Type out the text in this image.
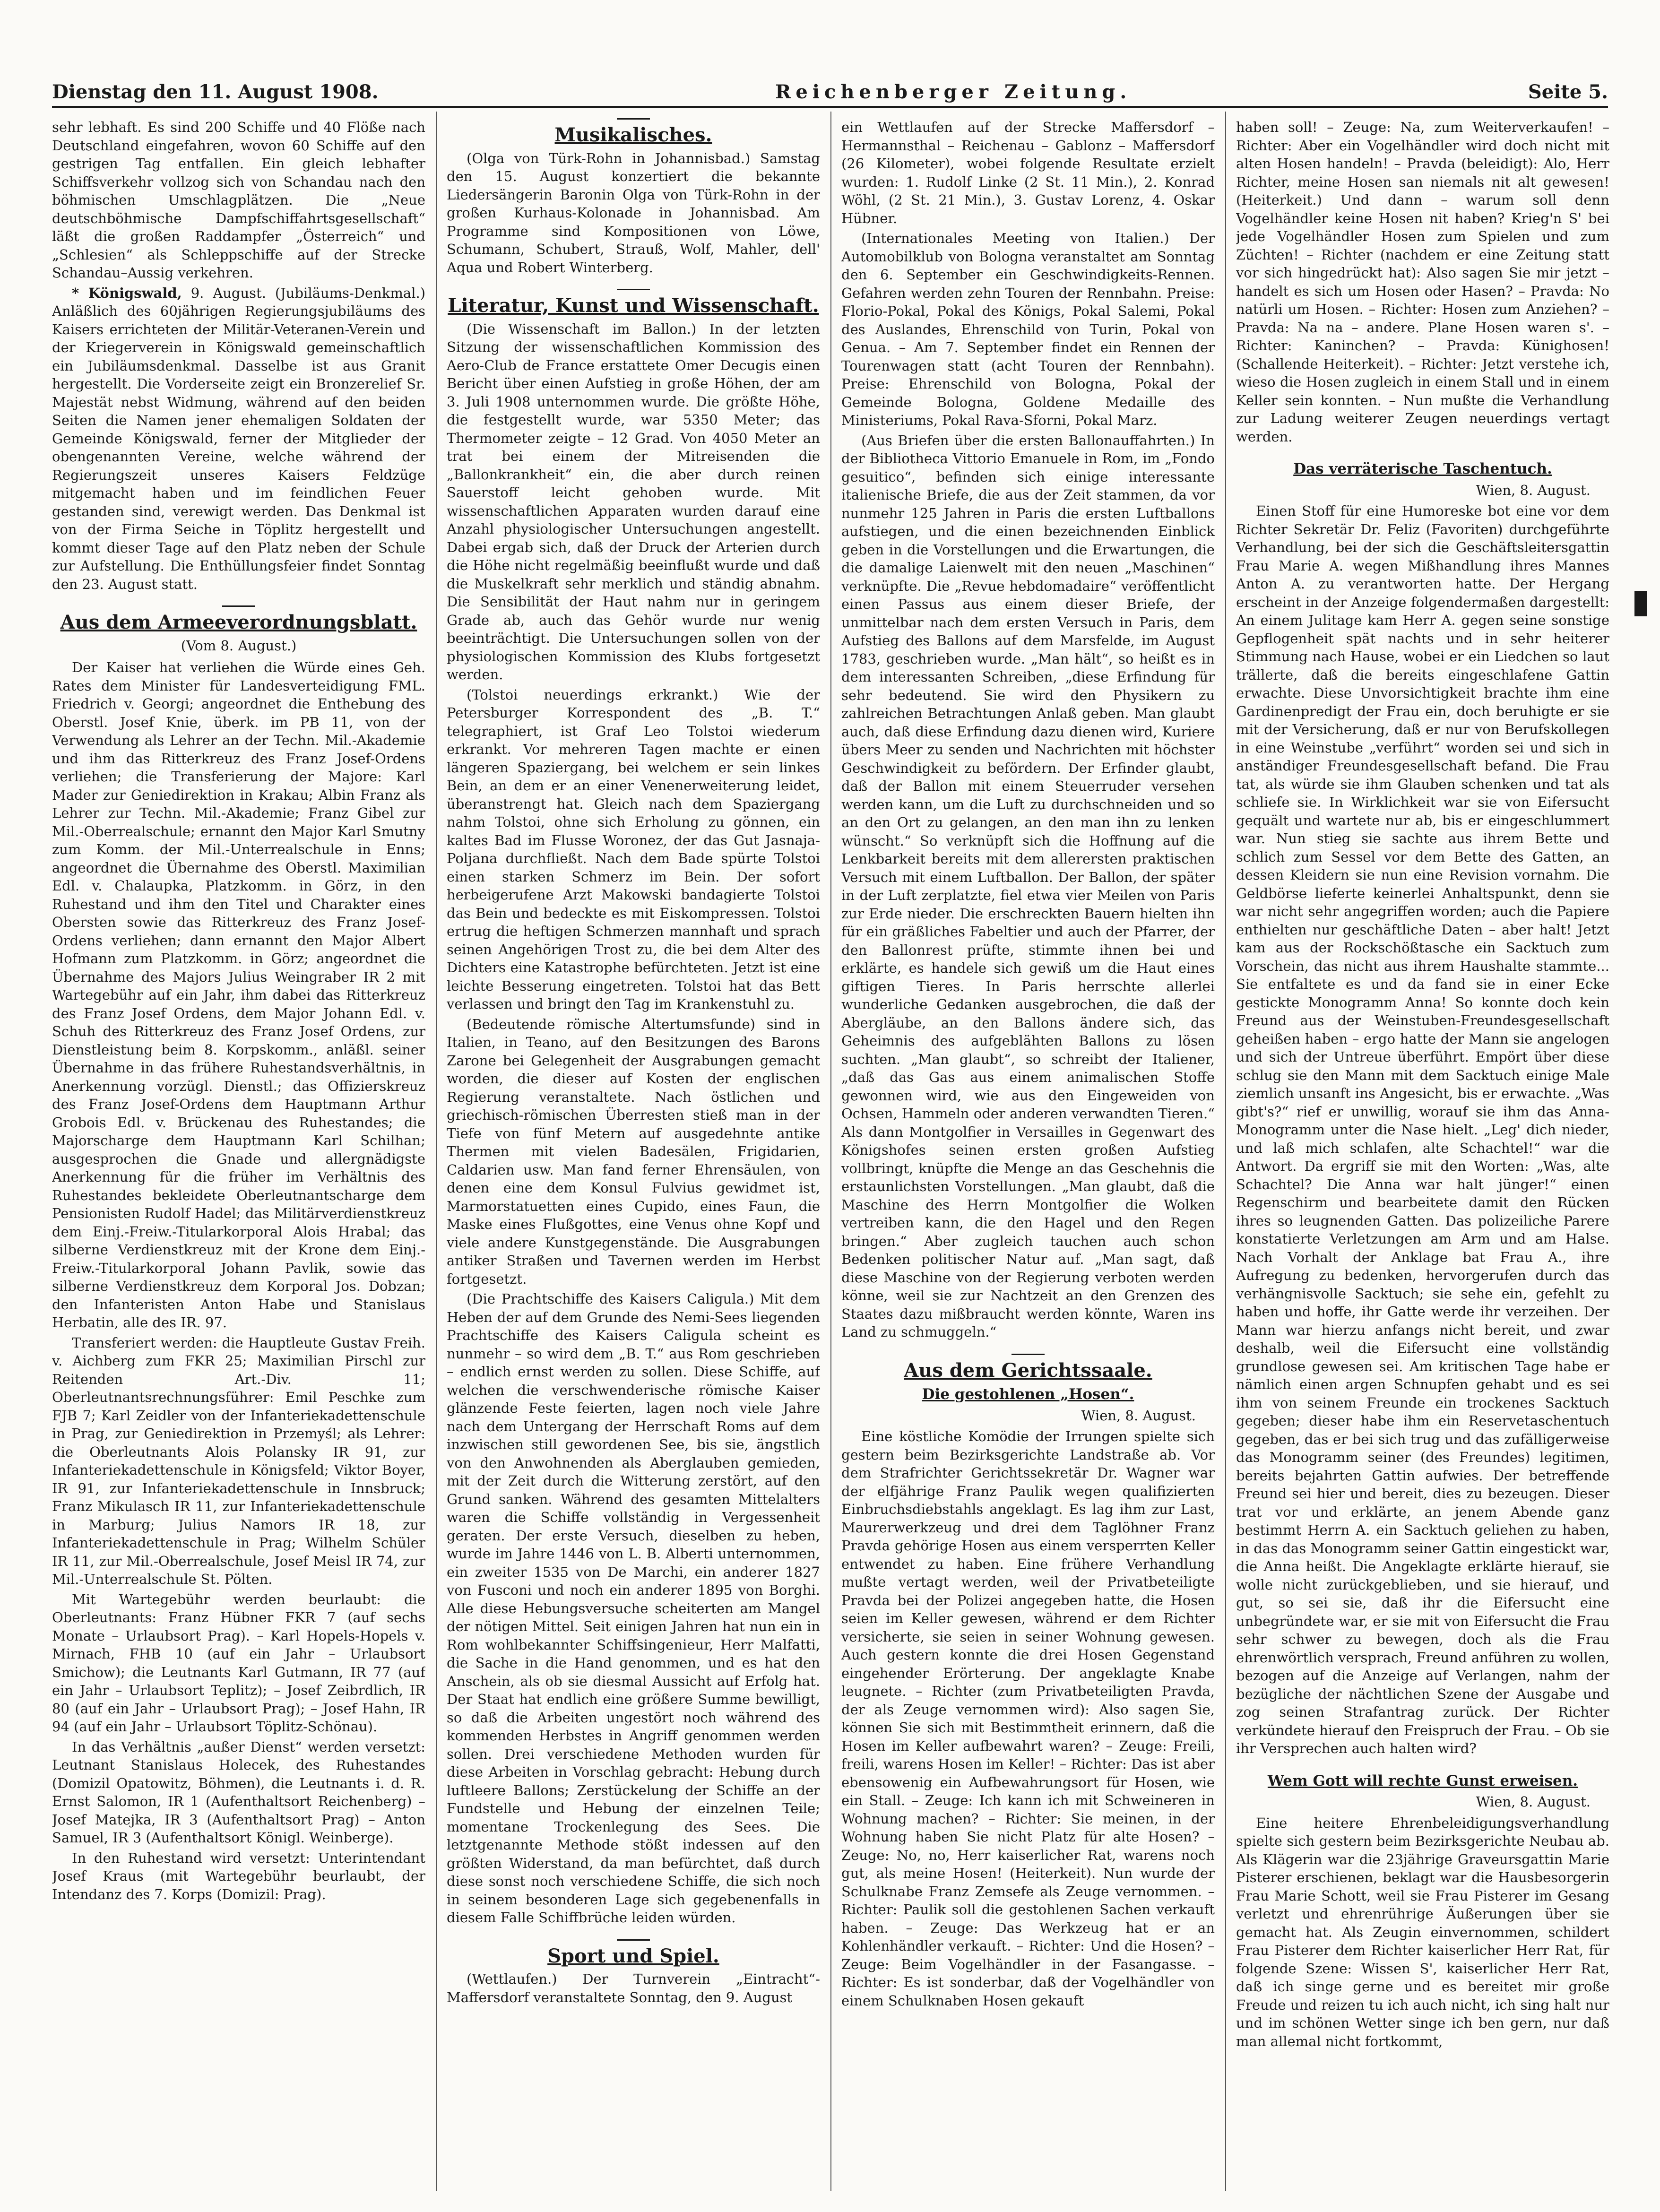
Dienstag den 11. August 1908.	Reichenberger Zeitung.	Seite 5.

sehr lebhaft. Es sind 200 Schiffe und 40 Flöße nach Deutschland eingefahren, wovon 60 Schiffe auf den gestrigen Tag entfallen. Ein gleich lebhafter Schiffsverkehr vollzog sich von Schandau nach den böhmischen Umschlagplätzen. Die „Neue deutschböhmische Dampfschiffahrtsgesellschaft“ läßt die großen Raddampfer „Österreich“ und „Schlesien“ als Schleppschiffe auf der Strecke Schandau–Aussig verkehren.

* Königswald, 9. August. (Jubiläums-Denkmal.) Anläßlich des 60jährigen Regierungsjubiläums des Kaisers errichteten der Militär-Veteranen-Verein und der Kriegerverein in Königswald gemeinschaftlich ein Jubiläumsdenkmal. Dasselbe ist aus Granit hergestellt. Die Vorderseite zeigt ein Bronzerelief Sr. Majestät nebst Widmung, während auf den beiden Seiten die Namen jener ehemaligen Soldaten der Gemeinde Königswald, ferner der Mitglieder der obengenannten Vereine, welche während der Regierungszeit unseres Kaisers Feldzüge mitgemacht haben und im feindlichen Feuer gestanden sind, verewigt werden. Das Denkmal ist von der Firma Seiche in Töplitz hergestellt und kommt dieser Tage auf den Platz neben der Schule zur Aufstellung. Die Enthüllungsfeier findet Sonntag den 23. August statt.

Aus dem Armeeverordnungsblatt.
(Vom 8. August.)

Der Kaiser hat verliehen die Würde eines Geh. Rates dem Minister für Landesverteidigung FML. Friedrich v. Georgi; angeordnet die Enthebung des Oberstl. Josef Knie, überk. im PB 11, von der Verwendung als Lehrer an der Techn. Mil.-Akademie und ihm das Ritterkreuz des Franz Josef-Ordens verliehen; die Transferierung der Majore: Karl Mader zur Geniedirektion in Krakau; Albin Franz als Lehrer zur Techn. Mil.-Akademie; Franz Gibel zur Mil.-Oberrealschule; ernannt den Major Karl Smutny zum Komm. der Mil.-Unterrealschule in Enns; angeordnet die Übernahme des Oberstl. Maximilian Edl. v. Chalaupka, Platzkomm. in Görz, in den Ruhestand und ihm den Titel und Charakter eines Obersten sowie das Ritterkreuz des Franz Josef-Ordens verliehen; dann ernannt den Major Albert Hofmann zum Platzkomm. in Görz; angeordnet die Übernahme des Majors Julius Weingraber IR 2 mit Wartegebühr auf ein Jahr, ihm dabei das Ritterkreuz des Franz Josef Ordens, dem Major Johann Edl. v. Schuh des Ritterkreuz des Franz Josef Ordens, zur Dienstleistung beim 8. Korpskomm., anläßl. seiner Übernahme in das frühere Ruhestandsverhältnis, in Anerkennung vorzügl. Dienstl.; das Offizierskreuz des Franz Josef-Ordens dem Hauptmann Arthur Grobois Edl. v. Brückenau des Ruhestandes; die Majorscharge dem Hauptmann Karl Schilhan; ausgesprochen die Gnade und allergnädigste Anerkennung für die früher im Verhältnis des Ruhestandes bekleidete Oberleutnantscharge dem Pensionisten Rudolf Hadel; das Militärverdienstkreuz dem Einj.-Freiw.-Titularkorporal Alois Hrabal; das silberne Verdienstkreuz mit der Krone dem Einj.-Freiw.-Titularkorporal Johann Pavlik, sowie das silberne Verdienstkreuz dem Korporal Jos. Dobzan; den Infanteristen Anton Habe und Stanislaus Herbatin, alle des IR. 97.

Transferiert werden: die Hauptleute Gustav Freih. v. Aichberg zum FKR 25; Maximilian Pirschl zur Reitenden Art.-Div. 11; Oberleutnantsrechnungsführer: Emil Peschke zum FJB 7; Karl Zeidler von der Infanteriekadettenschule in Prag, zur Geniedirektion in Przemyśl; als Lehrer: die Oberleutnants Alois Polansky IR 91, zur Infanteriekadettenschule in Königsfeld; Viktor Boyer, IR 91, zur Infanteriekadettenschule in Innsbruck; Franz Mikulasch IR 11, zur Infanteriekadettenschule in Marburg; Julius Namors IR 18, zur Infanteriekadettenschule in Prag; Wilhelm Schüler IR 11, zur Mil.-Oberrealschule, Josef Meisl IR 74, zur Mil.-Unterrealschule St. Pölten.

Mit Wartegebühr werden beurlaubt: die Oberleutnants: Franz Hübner FKR 7 (auf sechs Monate – Urlaubsort Prag). – Karl Hopels-Hopels v. Mirnach, FHB 10 (auf ein Jahr – Urlaubsort Smichow); die Leutnants Karl Gutmann, IR 77 (auf ein Jahr – Urlaubsort Teplitz); – Josef Zeibrdlich, IR 80 (auf ein Jahr – Urlaubsort Prag); – Josef Hahn, IR 94 (auf ein Jahr – Urlaubsort Töplitz-Schönau).

In das Verhältnis „außer Dienst“ werden versetzt: Leutnant Stanislaus Holecek, des Ruhestandes (Domizil Opatowitz, Böhmen), die Leutnants i. d. R. Ernst Salomon, IR 1 (Aufenthaltsort Reichenberg) – Josef Matejka, IR 3 (Aufenthaltsort Prag) – Anton Samuel, IR 3 (Aufenthaltsort Königl. Weinberge).

In den Ruhestand wird versetzt: Unterintendant Josef Kraus (mit Wartegebühr beurlaubt, der Intendanz des 7. Korps (Domizil: Prag).

Musikalisches.

(Olga von Türk-Rohn in Johannisbad.) Samstag den 15. August konzertiert die bekannte Liedersängerin Baronin Olga von Türk-Rohn in der großen Kurhaus-Kolonade in Johannisbad. Am Programme sind Kompositionen von Löwe, Schumann, Schubert, Strauß, Wolf, Mahler, dell' Aqua und Robert Winterberg.

Literatur, Kunst und Wissenschaft.

(Die Wissenschaft im Ballon.) In der letzten Sitzung der wissenschaftlichen Kommission des Aero-Club de France erstattete Omer Decugis einen Bericht über einen Aufstieg in große Höhen, der am 3. Juli 1908 unternommen wurde. Die größte Höhe, die festgestellt wurde, war 5350 Meter; das Thermometer zeigte – 12 Grad. Von 4050 Meter an trat bei einem der Mitreisenden die „Ballonkrankheit“ ein, die aber durch reinen Sauerstoff leicht gehoben wurde. Mit wissenschaftlichen Apparaten wurden darauf eine Anzahl physiologischer Untersuchungen angestellt. Dabei ergab sich, daß der Druck der Arterien durch die Höhe nicht regelmäßig beeinflußt wurde und daß die Muskelkraft sehr merklich und ständig abnahm. Die Sensibilität der Haut nahm nur in geringem Grade ab, auch das Gehör wurde nur wenig beeinträchtigt. Die Untersuchungen sollen von der physiologischen Kommission des Klubs fortgesetzt werden.

(Tolstoi neuerdings erkrankt.) Wie der Petersburger Korrespondent des „B. T.“ telegraphiert, ist Graf Leo Tolstoi wiederum erkrankt. Vor mehreren Tagen machte er einen längeren Spaziergang, bei welchem er sein linkes Bein, an dem er an einer Venenerweiterung leidet, überanstrengt hat. Gleich nach dem Spaziergang nahm Tolstoi, ohne sich Erholung zu gönnen, ein kaltes Bad im Flusse Woronez, der das Gut Jasnaja-Poljana durchfließt. Nach dem Bade spürte Tolstoi einen starken Schmerz im Bein. Der sofort herbeigerufene Arzt Makowski bandagierte Tolstoi das Bein und bedeckte es mit Eiskompressen. Tolstoi ertrug die heftigen Schmerzen mannhaft und sprach seinen Angehörigen Trost zu, die bei dem Alter des Dichters eine Katastrophe befürchteten. Jetzt ist eine leichte Besserung eingetreten. Tolstoi hat das Bett verlassen und bringt den Tag im Krankenstuhl zu.

(Bedeutende römische Altertumsfunde) sind in Italien, in Teano, auf den Besitzungen des Barons Zarone bei Gelegenheit der Ausgrabungen gemacht worden, die dieser auf Kosten der englischen Regierung veranstaltete. Nach östlichen und griechisch-römischen Überresten stieß man in der Tiefe von fünf Metern auf ausgedehnte antike Thermen mit vielen Badesälen, Frigidarien, Caldarien usw. Man fand ferner Ehrensäulen, von denen eine dem Konsul Fulvius gewidmet ist, Marmorstatuetten eines Cupido, eines Faun, die Maske eines Flußgottes, eine Venus ohne Kopf und viele andere Kunstgegenstände. Die Ausgrabungen antiker Straßen und Tavernen werden im Herbst fortgesetzt.

(Die Prachtschiffe des Kaisers Caligula.) Mit dem Heben der auf dem Grunde des Nemi-Sees liegenden Prachtschiffe des Kaisers Caligula scheint es nunmehr – so wird dem „B. T.“ aus Rom geschrieben – endlich ernst werden zu sollen. Diese Schiffe, auf welchen die verschwenderische römische Kaiser glänzende Feste feierten, lagen noch viele Jahre nach dem Untergang der Herrschaft Roms auf dem inzwischen still gewordenen See, bis sie, ängstlich von den Anwohnenden als Aberglauben gemieden, mit der Zeit durch die Witterung zerstört, auf den Grund sanken. Während des gesamten Mittelalters waren die Schiffe vollständig in Vergessenheit geraten. Der erste Versuch, dieselben zu heben, wurde im Jahre 1446 von L. B. Alberti unternommen, ein zweiter 1535 von De Marchi, ein anderer 1827 von Fusconi und noch ein anderer 1895 von Borghi. Alle diese Hebungsversuche scheiterten am Mangel der nötigen Mittel. Seit einigen Jahren hat nun ein in Rom wohlbekannter Schiffsingenieur, Herr Malfatti, die Sache in die Hand genommen, und es hat den Anschein, als ob sie diesmal Aussicht auf Erfolg hat. Der Staat hat endlich eine größere Summe bewilligt, so daß die Arbeiten ungestört noch während des kommenden Herbstes in Angriff genommen werden sollen. Drei verschiedene Methoden wurden für diese Arbeiten in Vorschlag gebracht: Hebung durch luftleere Ballons; Zerstückelung der Schiffe an der Fundstelle und Hebung der einzelnen Teile; momentane Trockenlegung des Sees. Die letztgenannte Methode stößt indessen auf den größten Widerstand, da man befürchtet, daß durch diese sonst noch verschiedene Schiffe, die sich noch in seinem besonderen Lage sich gegebenenfalls in diesem Falle Schiffbrüche leiden würden.

Sport und Spiel.

(Wettlaufen.) Der Turnverein „Eintracht“-Maffersdorf veranstaltete Sonntag, den 9. August

ein Wettlaufen auf der Strecke Maffersdorf – Hermannsthal – Reichenau – Gablonz – Maffersdorf (26 Kilometer), wobei folgende Resultate erzielt wurden: 1. Rudolf Linke (2 St. 11 Min.), 2. Konrad Wöhl, (2 St. 21 Min.), 3. Gustav Lorenz, 4. Oskar Hübner.

(Internationales Meeting von Italien.) Der Automobilklub von Bologna veranstaltet am Sonntag den 6. September ein Geschwindigkeits-Rennen. Gefahren werden zehn Touren der Rennbahn. Preise: Florio-Pokal, Pokal des Königs, Pokal Salemi, Pokal des Auslandes, Ehrenschild von Turin, Pokal von Genua. – Am 7. September findet ein Rennen der Tourenwagen statt (acht Touren der Rennbahn). Preise: Ehrenschild von Bologna, Pokal der Gemeinde Bologna, Goldene Medaille des Ministeriums, Pokal Rava-Sforni, Pokal Marz.

(Aus Briefen über die ersten Ballonauffahrten.) In der Bibliotheca Vittorio Emanuele in Rom, im „Fondo gesuitico“, befinden sich einige interessante italienische Briefe, die aus der Zeit stammen, da vor nunmehr 125 Jahren in Paris die ersten Luftballons aufstiegen, und die einen bezeichnenden Einblick geben in die Vorstellungen und die Erwartungen, die die damalige Laienwelt mit den neuen „Maschinen“ verknüpfte. Die „Revue hebdomadaire“ veröffentlicht einen Passus aus einem dieser Briefe, der unmittelbar nach dem ersten Versuch in Paris, dem Aufstieg des Ballons auf dem Marsfelde, im August 1783, geschrieben wurde. „Man hält“, so heißt es in dem interessanten Schreiben, „diese Erfindung für sehr bedeutend. Sie wird den Physikern zu zahlreichen Betrachtungen Anlaß geben. Man glaubt auch, daß diese Erfindung dazu dienen wird, Kuriere übers Meer zu senden und Nachrichten mit höchster Geschwindigkeit zu befördern. Der Erfinder glaubt, daß der Ballon mit einem Steuerruder versehen werden kann, um die Luft zu durchschneiden und so an den Ort zu gelangen, an den man ihn zu lenken wünscht.“ So verknüpft sich die Hoffnung auf die Lenkbarkeit bereits mit dem allerersten praktischen Versuch mit einem Luftballon. Der Ballon, der später in der Luft zerplatzte, fiel etwa vier Meilen von Paris zur Erde nieder. Die erschreckten Bauern hielten ihn für ein gräßliches Fabeltier und auch der Pfarrer, der den Ballonrest prüfte, stimmte ihnen bei und erklärte, es handele sich gewiß um die Haut eines giftigen Tieres. In Paris herrschte allerlei wunderliche Gedanken ausgebrochen, die daß der Abergläube, an den Ballons ändere sich, das Geheimnis des aufgeblähten Ballons zu lösen suchten. „Man glaubt“, so schreibt der Italiener, „daß das Gas aus einem animalischen Stoffe gewonnen wird, wie aus den Eingeweiden von Ochsen, Hammeln oder anderen verwandten Tieren.“ Als dann Montgolfier in Versailles in Gegenwart des Königshofes seinen ersten großen Aufstieg vollbringt, knüpfte die Menge an das Geschehnis die erstaunlichsten Vorstellungen. „Man glaubt, daß die Maschine des Herrn Montgolfier die Wolken vertreiben kann, die den Hagel und den Regen bringen.“ Aber zugleich tauchen auch schon Bedenken politischer Natur auf. „Man sagt, daß diese Maschine von der Regierung verboten werden könne, weil sie zur Nachtzeit an den Grenzen des Staates dazu mißbraucht werden könnte, Waren ins Land zu schmuggeln.“

Aus dem Gerichtssaale.
Die gestohlenen „Hosen“.
Wien, 8. August.

Eine köstliche Komödie der Irrungen spielte sich gestern beim Bezirksgerichte Landstraße ab. Vor dem Strafrichter Gerichtssekretär Dr. Wagner war der elfjährige Franz Paulik wegen qualifizierten Einbruchsdiebstahls angeklagt. Es lag ihm zur Last, Maurerwerkzeug und drei dem Taglöhner Franz Pravda gehörige Hosen aus einem versperrten Keller entwendet zu haben. Eine frühere Verhandlung mußte vertagt werden, weil der Privatbeteiligte Pravda bei der Polizei angegeben hatte, die Hosen seien im Keller gewesen, während er dem Richter versicherte, sie seien in seiner Wohnung gewesen. Auch gestern konnte die drei Hosen Gegenstand eingehender Erörterung. Der angeklagte Knabe leugnete. – Richter (zum Privatbeteiligten Pravda, der als Zeuge vernommen wird): Also sagen Sie, können Sie sich mit Bestimmtheit erinnern, daß die Hosen im Keller aufbewahrt waren? – Zeuge: Freili, freili, warens Hosen im Keller! – Richter: Das ist aber ebensowenig ein Aufbewahrungsort für Hosen, wie ein Stall. – Zeuge: Ich kann ich mit Schweineren in Wohnung machen? – Richter: Sie meinen, in der Wohnung haben Sie nicht Platz für alte Hosen? – Zeuge: No, no, Herr kaiserlicher Rat, warens noch gut, als meine Hosen! (Heiterkeit). Nun wurde der Schulknabe Franz Zemsefe als Zeuge vernommen. – Richter: Paulik soll die gestohlenen Sachen verkauft haben. – Zeuge: Das Werkzeug hat er an Kohlenhändler verkauft. – Richter: Und die Hosen? – Zeuge: Beim Vogelhändler in der Fasangasse. – Richter: Es ist sonderbar, daß der Vogelhändler von einem Schulknaben Hosen gekauft

haben soll! – Zeuge: Na, zum Weiterverkaufen! – Richter: Aber ein Vogelhändler wird doch nicht mit alten Hosen handeln! – Pravda (beleidigt): Alo, Herr Richter, meine Hosen san niemals nit alt gewesen! (Heiterkeit.) Und dann – warum soll denn Vogelhändler keine Hosen nit haben? Krieg'n S' bei jede Vogelhändler Hosen zum Spielen und zum Züchten! – Richter (nachdem er eine Zeitung statt vor sich hingedrückt hat): Also sagen Sie mir jetzt – handelt es sich um Hosen oder Hasen? – Pravda: No natürli um Hosen. – Richter: Hosen zum Anziehen? – Pravda: Na na – andere. Plane Hosen waren s'. – Richter: Kaninchen? – Pravda: Künighosen! (Schallende Heiterkeit). – Richter: Jetzt verstehe ich, wieso die Hosen zugleich in einem Stall und in einem Keller sein konnten. – Nun mußte die Verhandlung zur Ladung weiterer Zeugen neuerdings vertagt werden.

Das verräterische Taschentuch.
Wien, 8. August.

Einen Stoff für eine Humoreske bot eine vor dem Richter Sekretär Dr. Feliz (Favoriten) durchgeführte Verhandlung, bei der sich die Geschäftsleitersgattin Frau Marie A. wegen Mißhandlung ihres Mannes Anton A. zu verantworten hatte. Der Hergang erscheint in der Anzeige folgendermaßen dargestellt: An einem Julitage kam Herr A. gegen seine sonstige Gepflogenheit spät nachts und in sehr heiterer Stimmung nach Hause, wobei er ein Liedchen so laut trällerte, daß die bereits eingeschlafene Gattin erwachte. Diese Unvorsichtigkeit brachte ihm eine Gardinenpredigt der Frau ein, doch beruhigte er sie mit der Versicherung, daß er nur von Berufskollegen in eine Weinstube „verführt“ worden sei und sich in anständiger Freundesgesellschaft befand. Die Frau tat, als würde sie ihm Glauben schenken und tat als schliefe sie. In Wirklichkeit war sie von Eifersucht gequält und wartete nur ab, bis er eingeschlummert war. Nun stieg sie sachte aus ihrem Bette und schlich zum Sessel vor dem Bette des Gatten, an dessen Kleidern sie nun eine Revision vornahm. Die Geldbörse lieferte keinerlei Anhaltspunkt, denn sie war nicht sehr angegriffen worden; auch die Papiere enthielten nur geschäftliche Daten – aber halt! Jetzt kam aus der Rockschößtasche ein Sacktuch zum Vorschein, das nicht aus ihrem Haushalte stammte... Sie entfaltete es und da fand sie in einer Ecke gestickte Monogramm Anna! So konnte doch kein Freund aus der Weinstuben-Freundesgesellschaft geheißen haben – ergo hatte der Mann sie angelogen und sich der Untreue überführt. Empört über diese schlug sie den Mann mit dem Sacktuch einige Male ziemlich unsanft ins Angesicht, bis er erwachte. „Was gibt's?“ rief er unwillig, worauf sie ihm das Anna-Monogramm unter die Nase hielt. „Leg' dich nieder, und laß mich schlafen, alte Schachtel!“ war die Antwort. Da ergriff sie mit den Worten: „Was, alte Schachtel? Die Anna war halt jünger!“ einen Regenschirm und bearbeitete damit den Rücken ihres so leugnenden Gatten. Das polizeiliche Parere konstatierte Verletzungen am Arm und am Halse. Nach Vorhalt der Anklage bat Frau A., ihre Aufregung zu bedenken, hervorgerufen durch das verhängnisvolle Sacktuch; sie sehe ein, gefehlt zu haben und hoffe, ihr Gatte werde ihr verzeihen. Der Mann war hierzu anfangs nicht bereit, und zwar deshalb, weil die Eifersucht eine vollständig grundlose gewesen sei. Am kritischen Tage habe er nämlich einen argen Schnupfen gehabt und es sei ihm von seinem Freunde ein trockenes Sacktuch gegeben; dieser habe ihm ein Reservetaschentuch gegeben, das er bei sich trug und das zufälligerweise das Monogramm seiner (des Freundes) legitimen, bereits bejahrten Gattin aufwies. Der betreffende Freund sei hier und bereit, dies zu bezeugen. Dieser trat vor und erklärte, an jenem Abende ganz bestimmt Herrn A. ein Sacktuch geliehen zu haben, in das das Monogramm seiner Gattin eingestickt war, die Anna heißt. Die Angeklagte erklärte hierauf, sie wolle nicht zurückgeblieben, und sie hierauf, und gut, so sei sie, daß ihr die Eifersucht eine unbegründete war, er sie mit von Eifersucht die Frau sehr schwer zu bewegen, doch als die Frau ehrenwörtlich versprach, Freund anführen zu wollen, bezogen auf die Anzeige auf Verlangen, nahm der bezügliche der nächtlichen Szene der Ausgabe und zog seinen Strafantrag zurück. Der Richter verkündete hierauf den Freispruch der Frau. – Ob sie ihr Versprechen auch halten wird?

Wem Gott will rechte Gunst erweisen.
Wien, 8. August.

Eine heitere Ehrenbeleidigungsverhandlung spielte sich gestern beim Bezirksgerichte Neubau ab. Als Klägerin war die 23jährige Graveursgattin Marie Pisterer erschienen, beklagt war die Hausbesorgerin Frau Marie Schott, weil sie Frau Pisterer im Gesang verletzt und ehrenrührige Äußerungen über sie gemacht hat. Als Zeugin einvernommen, schildert Frau Pisterer dem Richter kaiserlicher Herr Rat, für folgende Szene: Wissen S', kaiserlicher Herr Rat, daß ich singe gerne und es bereitet mir große Freude und reizen tu ich auch nicht, ich sing halt nur und im schönen Wetter singe ich ben gern, nur daß man allemal nicht fortkommt,
